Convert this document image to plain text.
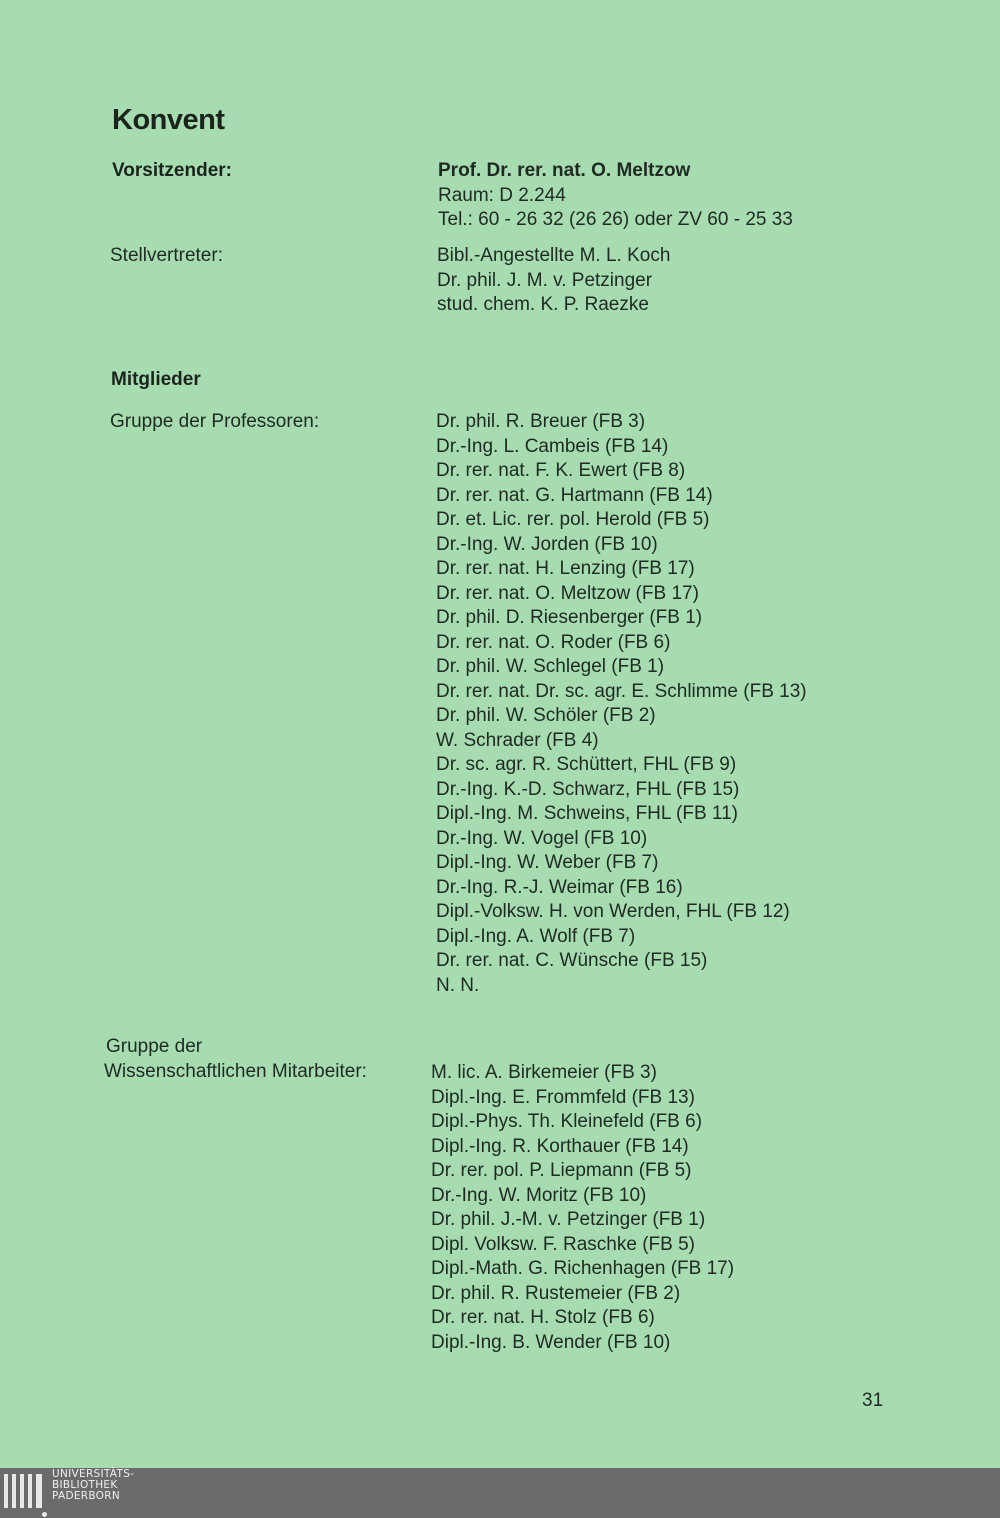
Konvent
Vorsitzender:	Prof. Dr. rer. nat. O. Meltzow
Raum: D 2.244
Tel.: 60 - 26 32 (26 26) oder ZV 60 - 25 33
Stellvertreter:	Bibl.-Angestellte M. L. Koch
Dr. phil. J. M. v. Petzinger
stud. chem. K. P. Raezke
Mitglieder
Gruppe der Professoren:	Dr. phil. R. Breuer (FB 3)
Dr.-Ing. L. Cambeis (FB 14)
Dr. rer. nat. F. K. Ewert (FB 8)
Dr. rer. nat. G. Hartmann (FB 14)
Dr. et. Lic. rer. pol. Herold (FB 5)
Dr.-Ing. W. Jorden (FB 10)
Dr. rer. nat. H. Lenzing (FB 17)
Dr. rer. nat. O. Meltzow (FB 17)
Dr. phil. D. Riesenberger (FB 1)
Dr. rer. nat. O. Roder (FB 6)
Dr. phil. W. Schlegel (FB 1)
Dr. rer. nat. Dr. sc. agr. E. Schlimme (FB 13)
Dr. phil. W. Schöler (FB 2)
W. Schrader (FB 4)
Dr. sc. agr. R. Schüttert, FHL (FB 9)
Dr.-Ing. K.-D. Schwarz, FHL (FB 15)
Dipl.-Ing. M. Schweins, FHL (FB 11)
Dr.-Ing. W. Vogel (FB 10)
Dipl.-Ing. W. Weber (FB 7)
Dr.-Ing. R.-J. Weimar (FB 16)
Dipl.-Volksw. H. von Werden, FHL (FB 12)
Dipl.-Ing. A. Wolf (FB 7)
Dr. rer. nat. C. Wünsche (FB 15)
N. N.
Gruppe der
Wissenschaftlichen Mitarbeiter:	M. lic. A. Birkemeier (FB 3)
Dipl.-Ing. E. Frommfeld (FB 13)
Dipl.-Phys. Th. Kleinefeld (FB 6)
Dipl.-Ing. R. Korthauer (FB 14)
Dr. rer. pol. P. Liepmann (FB 5)
Dr.-Ing. W. Moritz (FB 10)
Dr. phil. J.-M. v. Petzinger (FB 1)
Dipl. Volksw. F. Raschke (FB 5)
Dipl.-Math. G. Richenhagen (FB 17)
Dr. phil. R. Rustemeier (FB 2)
Dr. rer. nat. H. Stolz (FB 6)
Dipl.-Ing. B. Wender (FB 10)
31
UNIVERSITÄTS-
BIBLIOTHEK
PADERBORN
